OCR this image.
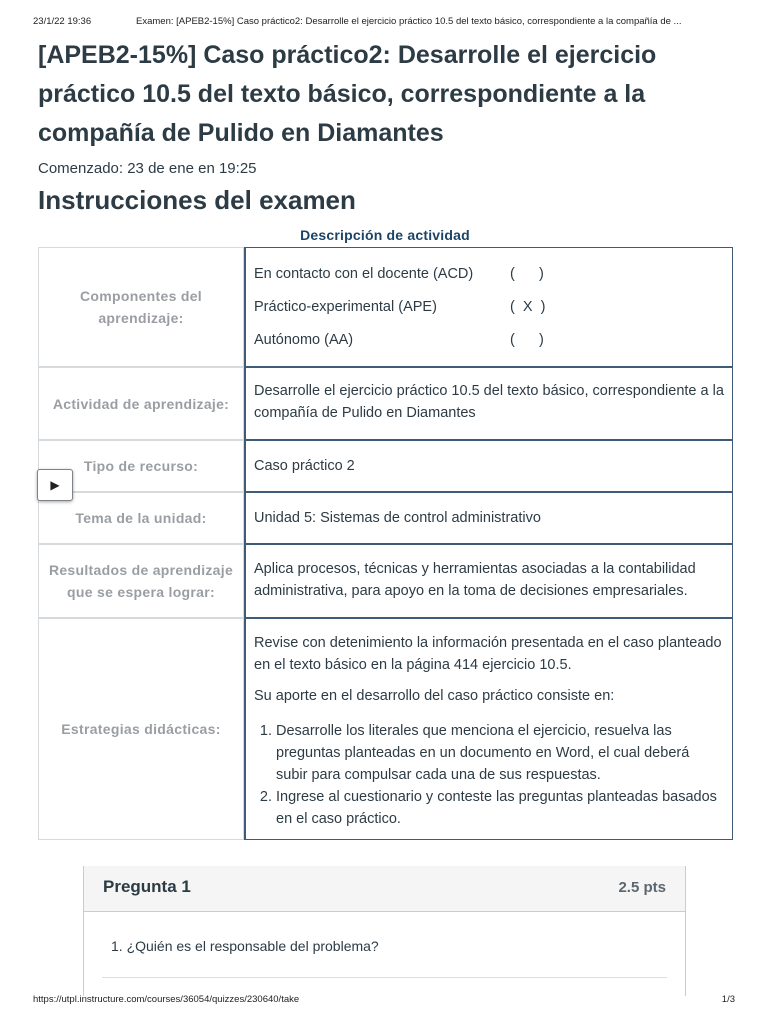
23/1/22 19:36	Examen: [APEB2-15%] Caso práctico2: Desarrolle el ejercicio práctico 10.5 del texto básico, correspondiente a la compañía de ...
[APEB2-15%] Caso práctico2: Desarrolle el ejercicio práctico 10.5 del texto básico, correspondiente a la compañía de Pulido en Diamantes
Comenzado: 23 de ene en 19:25
Instrucciones del examen
Descripción de actividad
Componentes del aprendizaje:
En contacto con el docente (ACD)	(      )
Práctico-experimental (APE)	(  X  )
Autónomo (AA)	(      )
Actividad de aprendizaje:

Desarrolle el ejercicio práctico 10.5 del texto básico, correspondiente a la compañía de Pulido en Diamantes

Tipo de recurso:	Caso práctico 2

Tema de la unidad:	Unidad 5: Sistemas de control administrativo

Resultados de aprendizaje que se espera lograr:

Aplica procesos, técnicas y herramientas asociadas a la contabilidad administrativa, para apoyo en la toma de decisiones empresariales.

Estrategias didácticas:

Revise con detenimiento la información presentada en el caso planteado en el texto básico en la página 414 ejercicio 10.5.

Su aporte en el desarrollo del caso práctico consiste en:

1. Desarrolle los literales que menciona el ejercicio, resuelva las preguntas planteadas en un documento en Word, el cual deberá subir para compulsar cada una de sus respuestas.
2. Ingrese al cuestionario y conteste las preguntas planteadas basados en el caso práctico.
▶
Pregunta 1	2.5 pts
1. ¿Quién es el responsable del problema?
https://utpl.instructure.com/courses/36054/quizzes/230640/take	1/3
